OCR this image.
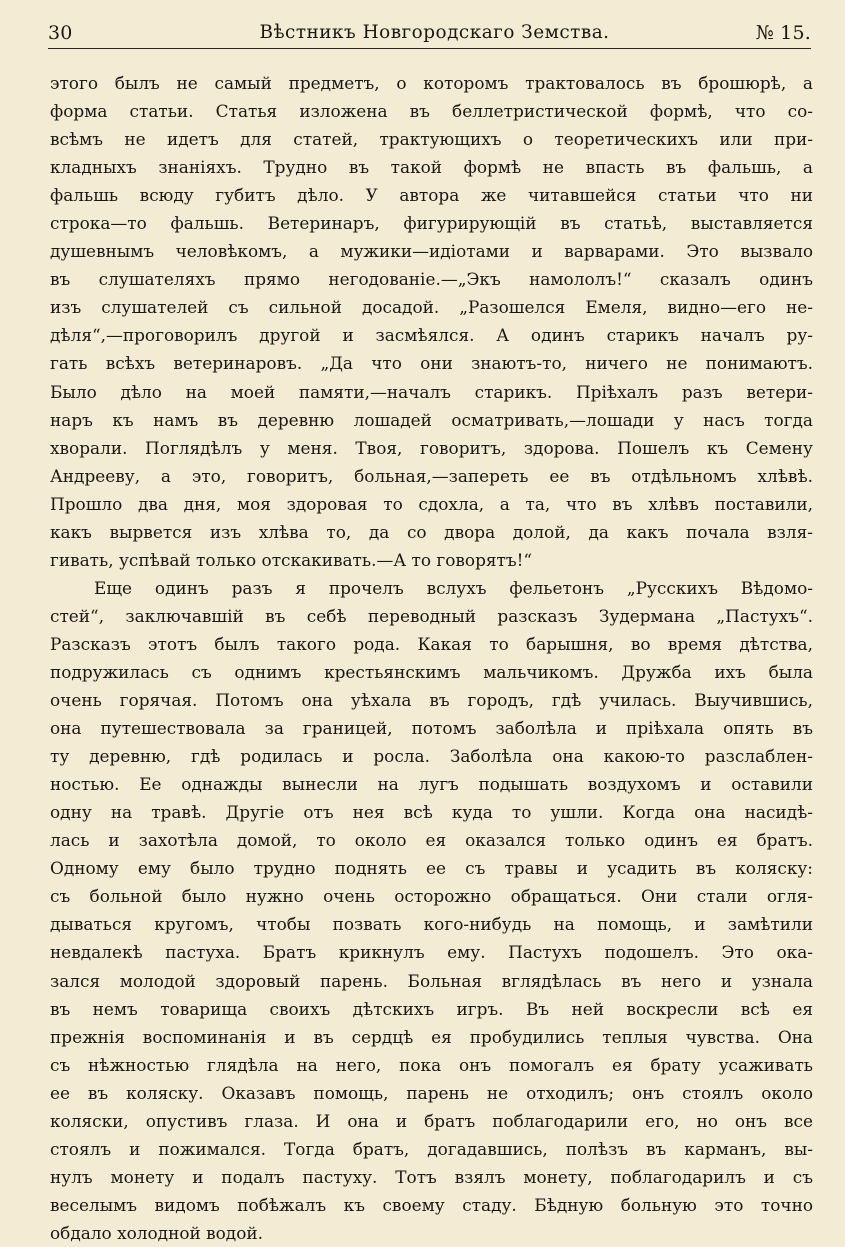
30	Вѣстникъ Новгородскаго Земства.	№ 15.
этого былъ не самый предметъ, о которомъ трактовалось въ брошюрѣ, а
форма статьи. Статья изложена въ беллетристической формѣ, что со-
всѣмъ не идетъ для статей, трактующихъ о теоретическихъ или при-
кладныхъ знаніяхъ. Трудно въ такой формѣ не впасть въ фальшь, а
фальшь всюду губитъ дѣло. У автора же читавшейся статьи что ни
строка—то фальшь. Ветеринаръ, фигурирующій въ статьѣ, выставляется
душевнымъ человѣкомъ, а мужики—идіотами и варварами. Это вызвало
въ слушателяхъ прямо негодованіе.—„Экъ намололъ!“ сказалъ одинъ
изъ слушателей съ сильной досадой. „Разошелся Емеля, видно—его не-
дѣля“,—проговорилъ другой и засмѣялся. А одинъ старикъ началъ ру-
гать всѣхъ ветеринаровъ. „Да что они знаютъ-то, ничего не понимаютъ.
Было дѣло на моей памяти,—началъ старикъ. Пріѣхалъ разъ ветери-
наръ къ намъ въ деревню лошадей осматривать,—лошади у насъ тогда
хворали. Поглядѣлъ у меня. Твоя, говоритъ, здорова. Пошелъ къ Семену
Андрееву, а это, говоритъ, больная,—запереть ее въ отдѣльномъ хлѣвѣ.
Прошло два дня, моя здоровая то сдохла, а та, что въ хлѣвъ поставили,
какъ вырвется изъ хлѣва то, да со двора долой, да какъ почала взля-
гивать, успѣвай только отскакивать.—А то говорятъ!“
Еще одинъ разъ я прочелъ вслухъ фельетонъ „Русскихъ Вѣдомо-
стей“, заключавшій въ себѣ переводный разсказъ Зудермана „Пастухъ“.
Разсказъ этотъ былъ такого рода. Какая то барышня, во время дѣтства,
подружилась съ однимъ крестьянскимъ мальчикомъ. Дружба ихъ была
очень горячая. Потомъ она уѣхала въ городъ, гдѣ училась. Выучившись,
она путешествовала за границей, потомъ заболѣла и пріѣхала опять въ
ту деревню, гдѣ родилась и росла. Заболѣла она какою-то разслаблен-
ностью. Ее однажды вынесли на лугъ подышать воздухомъ и оставили
одну на травѣ. Другіе отъ нея всѣ куда то ушли. Когда она насидѣ-
лась и захотѣла домой, то около ея оказался только одинъ ея братъ.
Одному ему было трудно поднять ее съ травы и усадить въ коляску:
съ больной было нужно очень осторожно обращаться. Они стали огля-
дываться кругомъ, чтобы позвать кого-нибудь на помощь, и замѣтили
невдалекѣ пастуха. Братъ крикнулъ ему. Пастухъ подошелъ. Это ока-
зался молодой здоровый парень. Больная вглядѣлась въ него и узнала
въ немъ товарища своихъ дѣтскихъ игръ. Въ ней воскресли всѣ ея
прежнія воспоминанія и въ сердцѣ ея пробудились теплыя чувства. Она
съ нѣжностью глядѣла на него, пока онъ помогалъ ея брату усаживать
ее въ коляску. Оказавъ помощь, парень не отходилъ; онъ стоялъ около
коляски, опустивъ глаза. И она и братъ поблагодарили его, но онъ все
стоялъ и пожимался. Тогда братъ, догадавшись, полѣзъ въ карманъ, вы-
нулъ монету и подалъ пастуху. Тотъ взялъ монету, поблагодарилъ и съ
веселымъ видомъ побѣжалъ къ своему стаду. Бѣдную больную это точно
обдало холодной водой.
